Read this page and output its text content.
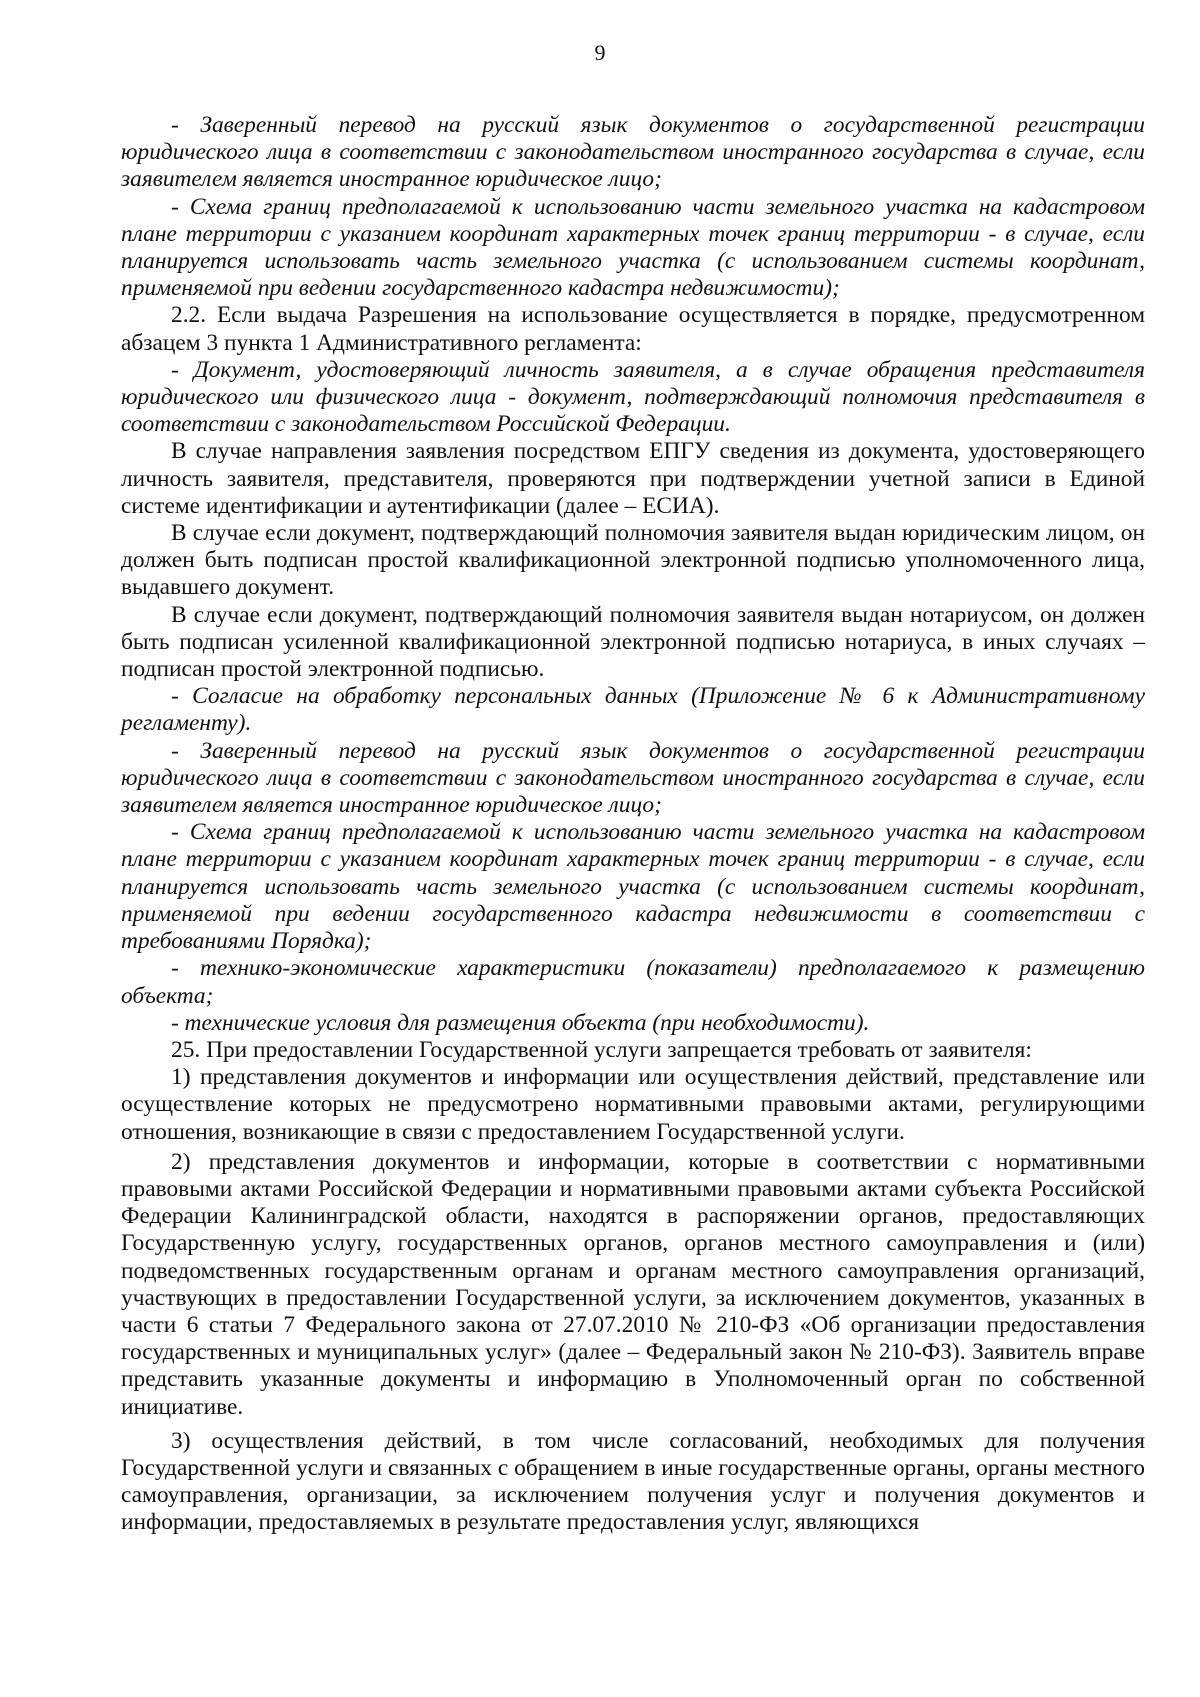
9

- Заверенный перевод на русский язык документов о государственной регистрации юридического лица в соответствии с законодательством иностранного государства в случае, если заявителем является иностранное юридическое лицо;

- Схема границ предполагаемой к использованию части земельного участка на кадастровом плане территории с указанием координат характерных точек границ территории - в случае, если планируется использовать часть земельного участка (с использованием системы координат, применяемой при ведении государственного кадастра недвижимости);

2.2. Если выдача Разрешения на использование осуществляется в порядке, предусмотренном абзацем 3 пункта 1 Административного регламента:

- Документ, удостоверяющий личность заявителя, а в случае обращения представителя юридического или физического лица - документ, подтверждающий полномочия представителя в соответствии с законодательством Российской Федерации.

В случае направления заявления посредством ЕПГУ сведения из документа, удостоверяющего личность заявителя, представителя, проверяются при подтверждении учетной записи в Единой системе идентификации и аутентификации (далее – ЕСИА).

В случае если документ, подтверждающий полномочия заявителя выдан юридическим лицом, он должен быть подписан простой квалификационной электронной подписью уполномоченного лица, выдавшего документ.

В случае если документ, подтверждающий полномочия заявителя выдан нотариусом, он должен быть подписан усиленной квалификационной электронной подписью нотариуса, в иных случаях – подписан простой электронной подписью.

- Согласие на обработку персональных данных (Приложение № 6 к Административному регламенту).

- Заверенный перевод на русский язык документов о государственной регистрации юридического лица в соответствии с законодательством иностранного государства в случае, если заявителем является иностранное юридическое лицо;

- Схема границ предполагаемой к использованию части земельного участка на кадастровом плане территории с указанием координат характерных точек границ территории - в случае, если планируется использовать часть земельного участка (с использованием системы координат, применяемой при ведении государственного кадастра недвижимости в соответствии с требованиями Порядка);

- технико-экономические характеристики (показатели) предполагаемого к размещению объекта;

- технические условия для размещения объекта (при необходимости).

25. При предоставлении Государственной услуги запрещается требовать от заявителя:

1) представления документов и информации или осуществления действий, представление или осуществление которых не предусмотрено нормативными правовыми актами, регулирующими отношения, возникающие в связи с предоставлением Государственной услуги.

2) представления документов и информации, которые в соответствии с нормативными правовыми актами Российской Федерации и нормативными правовыми актами субъекта Российской Федерации Калининградской области, находятся в распоряжении органов, предоставляющих Государственную услугу, государственных органов, органов местного самоуправления и (или) подведомственных государственным органам и органам местного самоуправления организаций, участвующих в предоставлении Государственной услуги, за исключением документов, указанных в части 6 статьи 7 Федерального закона от 27.07.2010 № 210-ФЗ «Об организации предоставления государственных и муниципальных услуг» (далее – Федеральный закон № 210-ФЗ). Заявитель вправе представить указанные документы и информацию в Уполномоченный орган по собственной инициативе.

3) осуществления действий, в том числе согласований, необходимых для получения Государственной услуги и связанных с обращением в иные государственные органы, органы местного самоуправления, организации, за исключением получения услуг и получения документов и информации, предоставляемых в результате предоставления услуг, являющихся
